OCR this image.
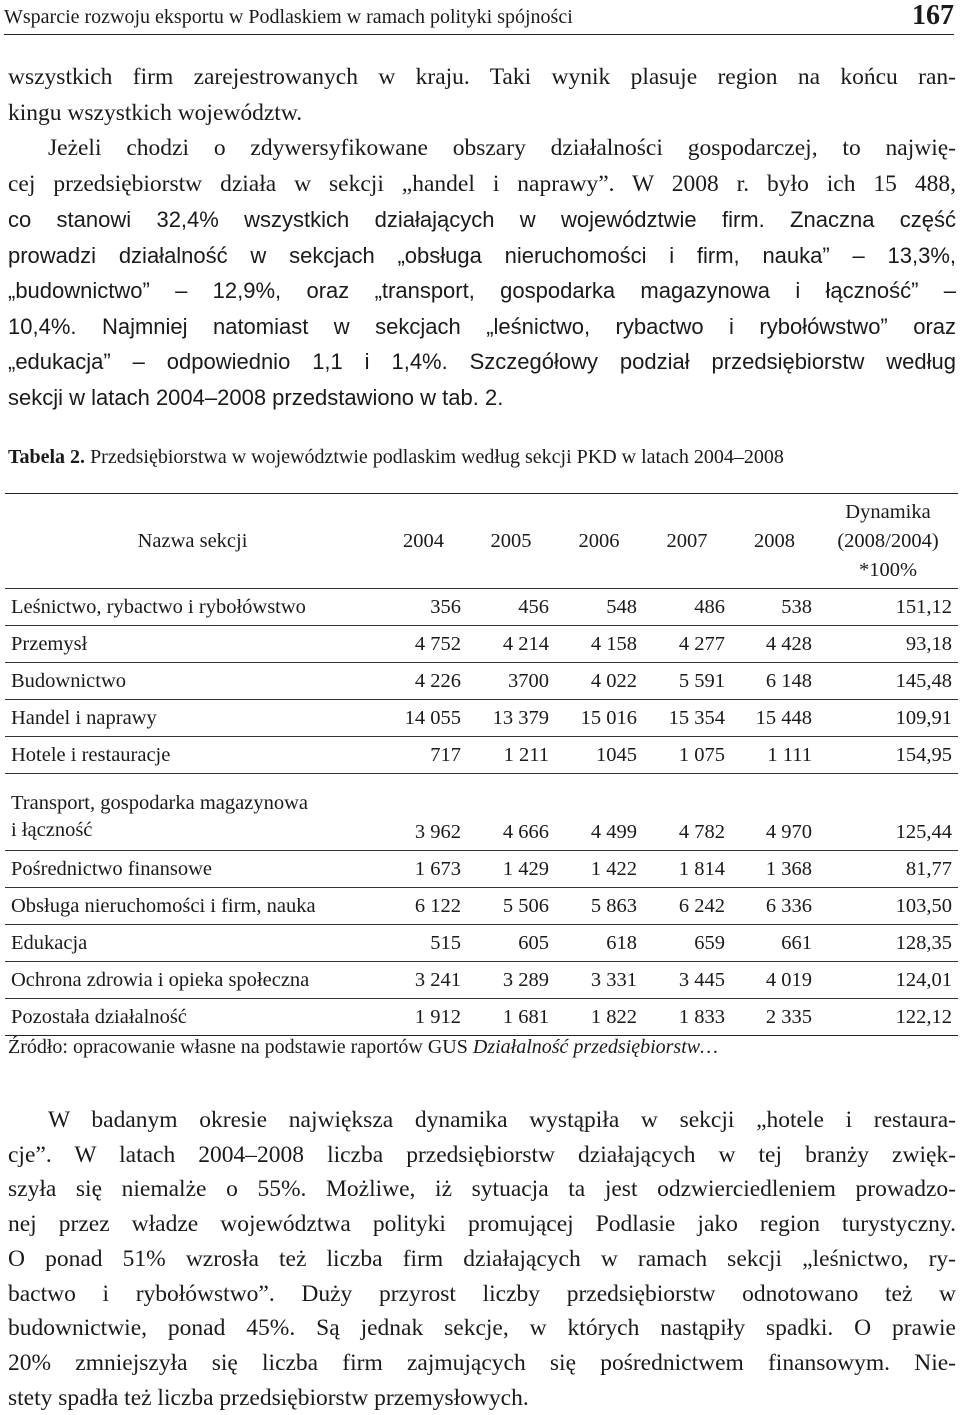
Wsparcie rozwoju eksportu w Podlaskiem w ramach polityki spójności	167
wszystkich firm zarejestrowanych w kraju. Taki wynik plasuje region na końcu ran-
kingu wszystkich województw.
Jeżeli chodzi o zdywersyfikowane obszary działalności gospodarczej, to najwię-
cej przedsiębiorstw działa w sekcji „handel i naprawy”. W 2008 r. było ich 15 488,
co stanowi 32,4% wszystkich działających w województwie firm. Znaczna część
prowadzi działalność w sekcjach „obsługa nieruchomości i firm, nauka” – 13,3%,
„budownictwo” – 12,9%, oraz „transport, gospodarka magazynowa i łączność” –
10,4%. Najmniej natomiast w sekcjach „leśnictwo, rybactwo i rybołówstwo” oraz
„edukacja” – odpowiednio 1,1 i 1,4%. Szczegółowy podział przedsiębiorstw według
sekcji w latach 2004–2008 przedstawiono w tab. 2.
Tabela 2. Przedsiębiorstwa w województwie podlaskim według sekcji PKD w latach 2004–2008
Nazwa sekcji	2004	2005	2006	2007	2008	Dynamika
(2008/2004)
*100%

Leśnictwo, rybactwo i rybołówstwo	356	456	548	486	538	151,12
Przemysł	4 752	4 214	4 158	4 277	4 428	93,18
Budownictwo	4 226	3700	4 022	5 591	6 148	145,48
Handel i naprawy	14 055	13 379	15 016	15 354	15 448	109,91
Hotele i restauracje	717	1 211	1045	1 075	1 111	154,95

Transport, gospodarka magazynowa
i łączność	3 962	4 666	4 499	4 782	4 970	125,44
Pośrednictwo finansowe	1 673	1 429	1 422	1 814	1 368	81,77
Obsługa nieruchomości i firm, nauka	6 122	5 506	5 863	6 242	6 336	103,50
Edukacja	515	605	618	659	661	128,35
Ochrona zdrowia i opieka społeczna	3 241	3 289	3 331	3 445	4 019	124,01
Pozostała działalność	1 912	1 681	1 822	1 833	2 335	122,12
Źródło: opracowanie własne na podstawie raportów GUS Działalność przedsiębiorstw…
W badanym okresie największa dynamika wystąpiła w sekcji „hotele i restaura-
cje”. W latach 2004–2008 liczba przedsiębiorstw działających w tej branży zwięk-
szyła się niemalże o 55%. Możliwe, iż sytuacja ta jest odzwierciedleniem prowadzo-
nej przez władze województwa polityki promującej Podlasie jako region turystyczny.
O ponad 51% wzrosła też liczba firm działających w ramach sekcji „leśnictwo, ry-
bactwo i rybołówstwo”. Duży przyrost liczby przedsiębiorstw odnotowano też w
budownictwie, ponad 45%. Są jednak sekcje, w których nastąpiły spadki. O prawie
20% zmniejszyła się liczba firm zajmujących się pośrednictwem finansowym. Nie-
stety spadła też liczba przedsiębiorstw przemysłowych.
